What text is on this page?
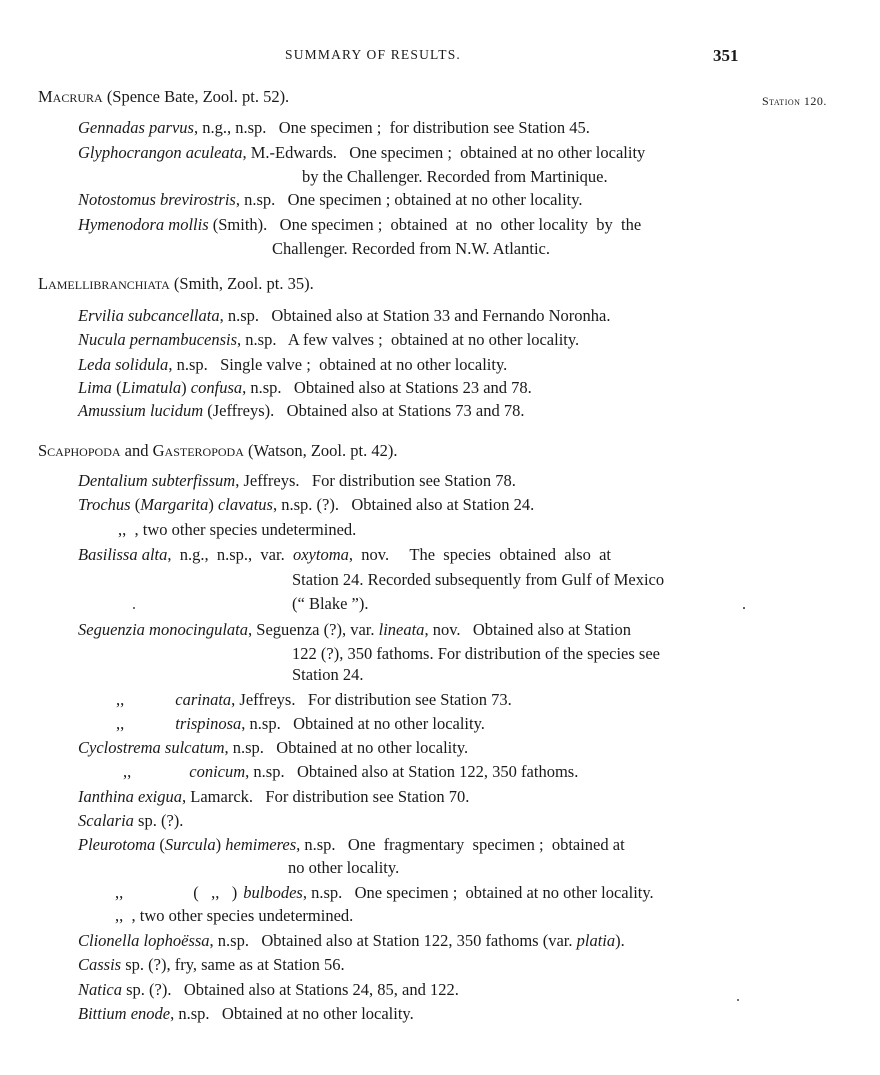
SUMMARY OF RESULTS.	351
Station 120.
Macrura (Spence Bate, Zool. pt. 52).
Gennadas parvus, n.g., n.sp.   One specimen ;  for distribution see Station 45.
Glyphocrangon aculeata, M.-Edwards.   One specimen ;  obtained at no other locality
by the Challenger. Recorded from Martinique.
Notostomus brevirostris, n.sp.   One specimen ; obtained at no other locality.
Hymenodora mollis (Smith).   One specimen ;  obtained  at  no  other locality  by  the
Challenger. Recorded from N.W. Atlantic.
Lamellibranchiata (Smith, Zool. pt. 35).
Ervilia subcancellata, n.sp.   Obtained also at Station 33 and Fernando Noronha.
Nucula pernambucensis, n.sp.   A few valves ;  obtained at no other locality.
Leda solidula, n.sp.   Single valve ;  obtained at no other locality.
Lima (Limatula) confusa, n.sp.   Obtained also at Stations 23 and 78.
Amussium lucidum (Jeffreys).   Obtained also at Stations 73 and 78.
Scaphopoda and Gasteropoda (Watson, Zool. pt. 42).
Dentalium subterfissum, Jeffreys.   For distribution see Station 78.
Trochus (Margarita) clavatus, n.sp. (?).   Obtained also at Station 24.
,,  , two other species undetermined.
Basilissa alta,  n.g.,  n.sp.,  var.  oxytoma,  nov.     The  species  obtained  also  at
Station 24. Recorded subsequently from Gulf of Mexico
(“ Blake ”).
Seguenzia monocingulata, Seguenza (?), var. lineata, nov.   Obtained also at Station
122 (?), 350 fathoms. For distribution of the species see
Station 24.
,,	carinata, Jeffreys.   For distribution see Station 73.
,,	trispinosa, n.sp.   Obtained at no other locality.
Cyclostrema sulcatum, n.sp.   Obtained at no other locality.
,,	conicum, n.sp.   Obtained also at Station 122, 350 fathoms.
Ianthina exigua, Lamarck.   For distribution see Station 70.
Scalaria sp. (?).
Pleurotoma (Surcula) hemimeres, n.sp.   One  fragmentary  specimen ;  obtained at
no other locality.
,,	(   ,,   ) bulbodes, n.sp.   One specimen ;  obtained at no other locality.
,,  , two other species undetermined.
Clionella lophoëssa, n.sp.   Obtained also at Station 122, 350 fathoms (var. platia).
Cassis sp. (?), fry, same as at Station 56.
Natica sp. (?).   Obtained also at Stations 24, 85, and 122.
Bittium enode, n.sp.   Obtained at no other locality.
